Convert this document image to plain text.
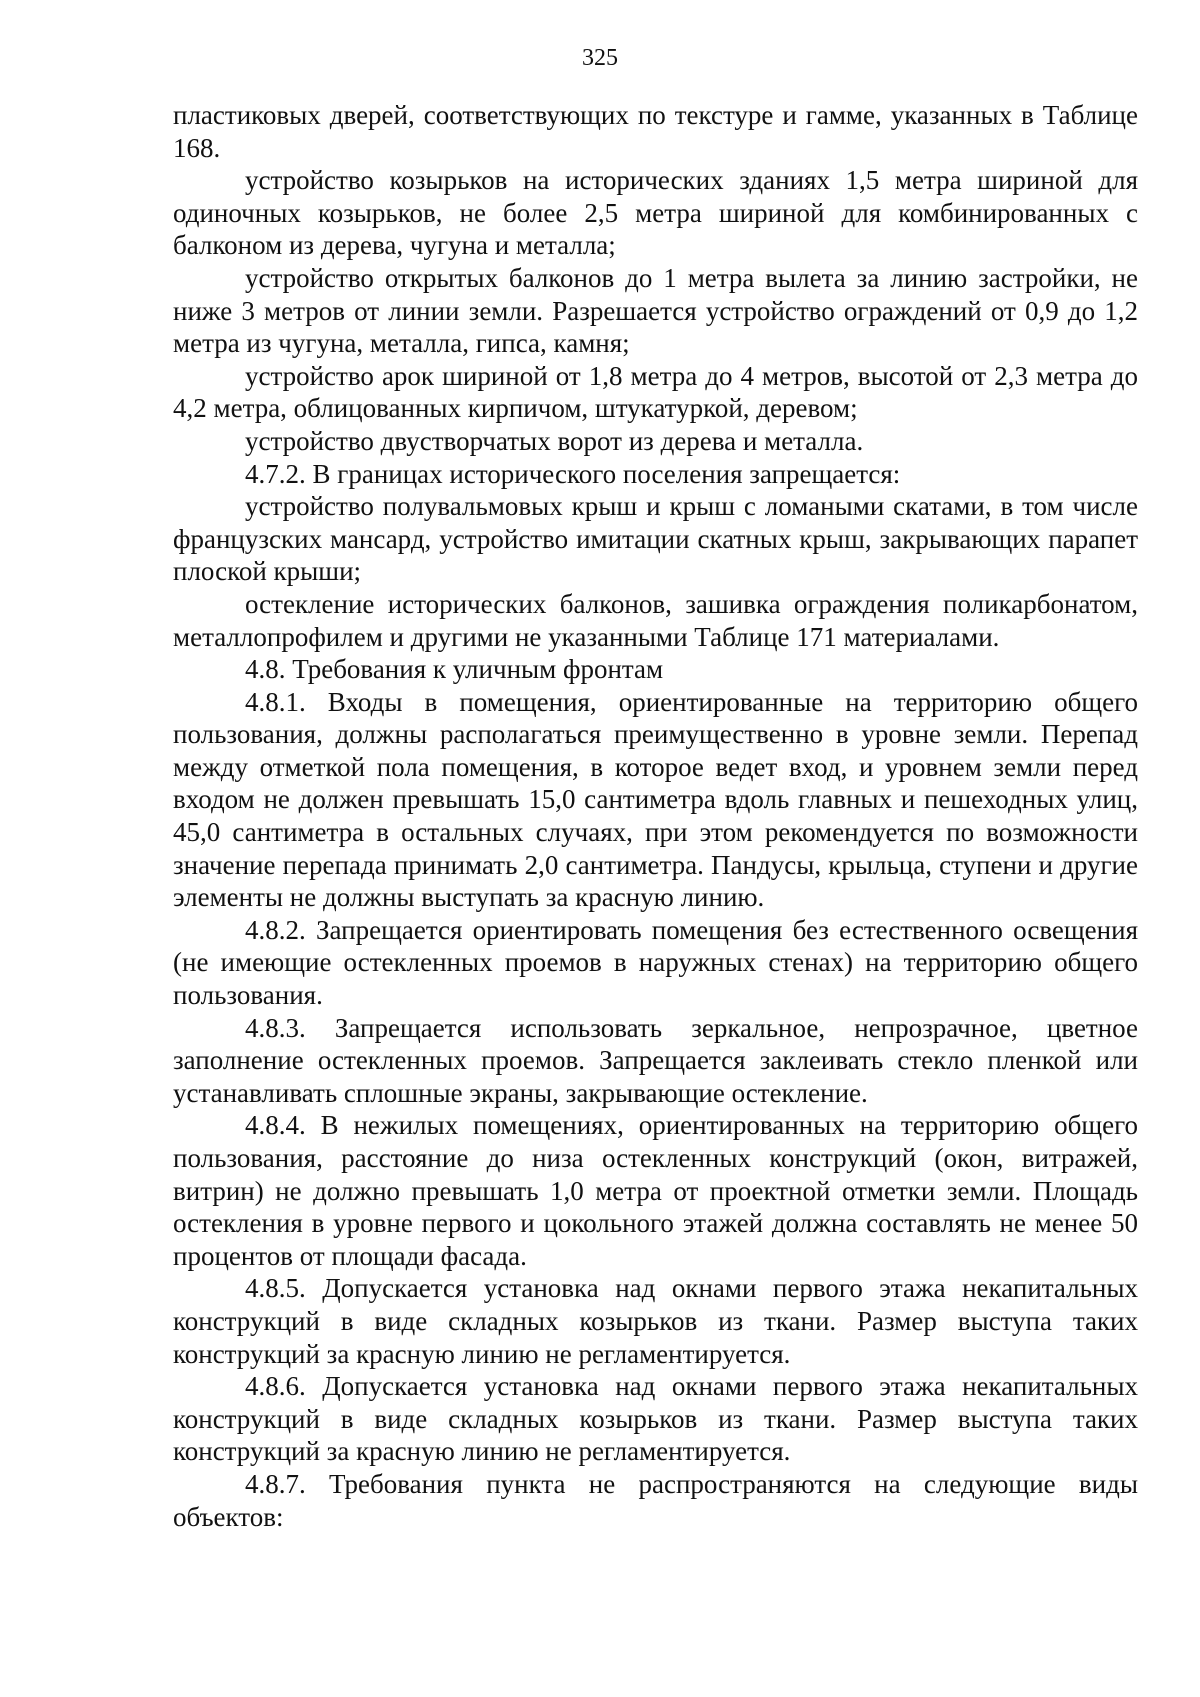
325

пластиковых дверей, соответствующих по текстуре и гамме, указанных в Таблице 168.

устройство козырьков на исторических зданиях 1,5 метра шириной для одиночных козырьков, не более 2,5 метра шириной для комбинированных с балконом из дерева, чугуна и металла;

устройство открытых балконов до 1 метра вылета за линию застройки, не ниже 3 метров от линии земли. Разрешается устройство ограждений от 0,9 до 1,2 метра из чугуна, металла, гипса, камня;

устройство арок шириной от 1,8 метра до 4 метров, высотой от 2,3 метра до 4,2 метра, облицованных кирпичом, штукатуркой, деревом;

устройство двустворчатых ворот из дерева и металла.

4.7.2. В границах исторического поселения запрещается:

устройство полувальмовых крыш и крыш с ломаными скатами, в том числе французских мансард, устройство имитации скатных крыш, закрывающих парапет плоской крыши;

остекление исторических балконов, зашивка ограждения поликарбонатом, металлопрофилем и другими не указанными Таблице 171 материалами.

4.8. Требования к уличным фронтам

4.8.1. Входы в помещения, ориентированные на территорию общего пользования, должны располагаться преимущественно в уровне земли. Перепад между отметкой пола помещения, в которое ведет вход, и уровнем земли перед входом не должен превышать 15,0 сантиметра вдоль главных и пешеходных улиц, 45,0 сантиметра в остальных случаях, при этом рекомендуется по возможности значение перепада принимать 2,0 сантиметра. Пандусы, крыльца, ступени и другие элементы не должны выступать за красную линию.

4.8.2. Запрещается ориентировать помещения без естественного освещения (не имеющие остекленных проемов в наружных стенах) на территорию общего пользования.

4.8.3. Запрещается использовать зеркальное, непрозрачное, цветное заполнение остекленных проемов. Запрещается заклеивать стекло пленкой или устанавливать сплошные экраны, закрывающие остекление.

4.8.4. В нежилых помещениях, ориентированных на территорию общего пользования, расстояние до низа остекленных конструкций (окон, витражей, витрин) не должно превышать 1,0 метра от проектной отметки земли. Площадь остекления в уровне первого и цокольного этажей должна составлять не менее 50 процентов от площади фасада.

4.8.5. Допускается установка над окнами первого этажа некапитальных конструкций в виде складных козырьков из ткани. Размер выступа таких конструкций за красную линию не регламентируется.

4.8.6. Допускается установка над окнами первого этажа некапитальных конструкций в виде складных козырьков из ткани. Размер выступа таких конструкций за красную линию не регламентируется.

4.8.7. Требования пункта не распространяются на следующие виды объектов:
